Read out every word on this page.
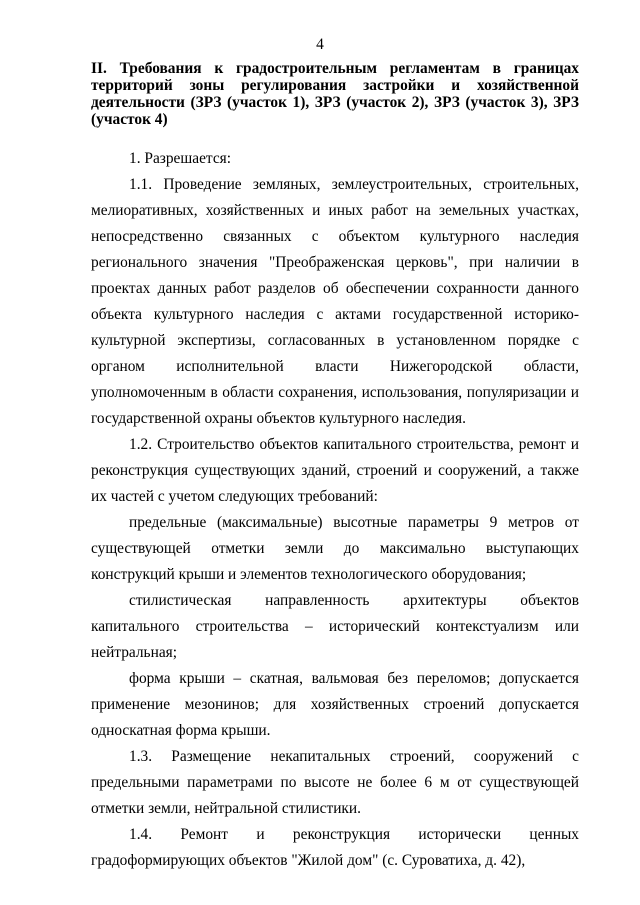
4
II. Требования к градостроительным регламентам в границах территорий зоны регулирования застройки и хозяйственной деятельности (ЗРЗ (участок 1), ЗРЗ (участок 2), ЗРЗ (участок 3), ЗРЗ (участок 4)

1. Разрешается:

1.1. Проведение земляных, землеустроительных, строительных, мелиоративных, хозяйственных и иных работ на земельных участках, непосредственно связанных с объектом культурного наследия регионального значения "Преображенская церковь", при наличии в проектах данных работ разделов об обеспечении сохранности данного объекта культурного наследия с актами государственной историко-культурной экспертизы, согласованных в установленном порядке с органом исполнительной власти Нижегородской области, уполномоченным в области сохранения, использования, популяризации и государственной охраны объектов культурного наследия.

1.2. Строительство объектов капитального строительства, ремонт и реконструкция существующих зданий, строений и сооружений, а также их частей с учетом следующих требований:

предельные (максимальные) высотные параметры 9 метров от существующей отметки земли до максимально выступающих конструкций крыши и элементов технологического оборудования;

стилистическая направленность архитектуры объектов капитального строительства – исторический контекстуализм или нейтральная;

форма крыши – скатная, вальмовая без переломов; допускается применение мезонинов; для хозяйственных строений допускается односкатная форма крыши.

1.3. Размещение некапитальных строений, сооружений с предельными параметрами по высоте не более 6 м от существующей отметки земли, нейтральной стилистики.

1.4. Ремонт и реконструкция исторически ценных градоформирующих объектов "Жилой дом" (с. Суроватиха, д. 42),
